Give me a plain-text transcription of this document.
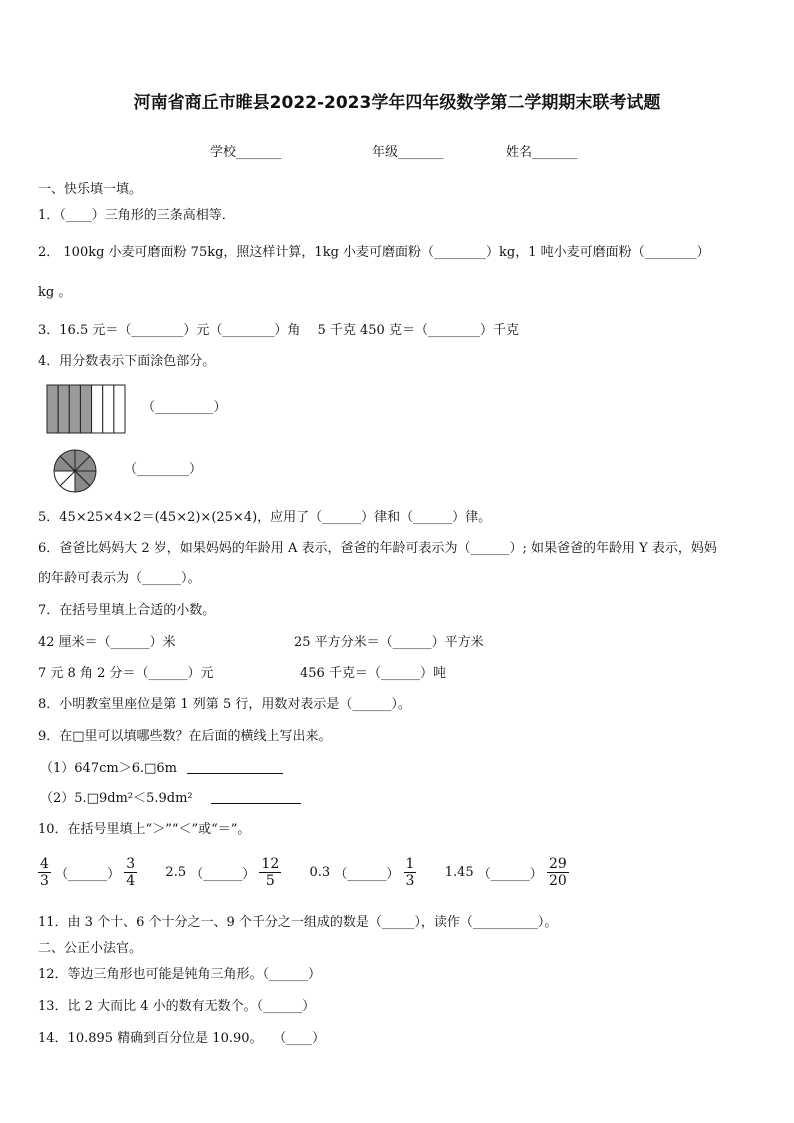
河南省商丘市睢县2022-2023学年四年级数学第二学期期末联考试题
学校_______	年级_______	姓名_______
一、快乐填一填。
1．（____）三角形的三条高相等．
2． 100kg 小麦可磨面粉 75kg，照这样计算，1kg 小麦可磨面粉（________）kg，1 吨小麦可磨面粉（________）
kg 。
3．16.5 元＝（________）元（________）角 　5 千克 450 克＝（________）千克
4．用分数表示下面涂色部分。
（_________）
（________）
5．45×25×4×2＝(45×2)×(25×4)，应用了（______）律和（______）律。
6．爸爸比妈妈大 2 岁，如果妈妈的年龄用 A 表示，爸爸的年龄可表示为（______）; 如果爸爸的年龄用 Y 表示，妈妈
的年龄可表示为（______）。
7．在括号里填上合适的小数。
42 厘米＝（______）米	25 平方分米＝（______）平方米
7 元 8 角 2 分＝（______）元	456 千克＝（______）吨
8．小明教室里座位是第 1 列第 5 行，用数对表示是（______）。
9．在□里可以填哪些数？在后面的横线上写出来。
（1）647cm＞6.□6m
（2）5.□9dm²＜5.9dm²
10．在括号里填上“＞”“＜”或“＝”。
$\frac{4}{3}$ （______） $\frac{3}{4} 2.5$ （______） $\frac{12}{5} 0.3$ （______） $\frac{1}{3} 1.45$ （______） $\frac{29}{20}$
11．由 3 个十、6 个十分之一、9 个千分之一组成的数是（_____），读作（__________）。
二、公正小法官。
12．等边三角形也可能是钝角三角形。（______）
13．比 2 大而比 4 小的数有无数个。（______）
14．10.895 精确到百分位是 10.90。 　（____）
